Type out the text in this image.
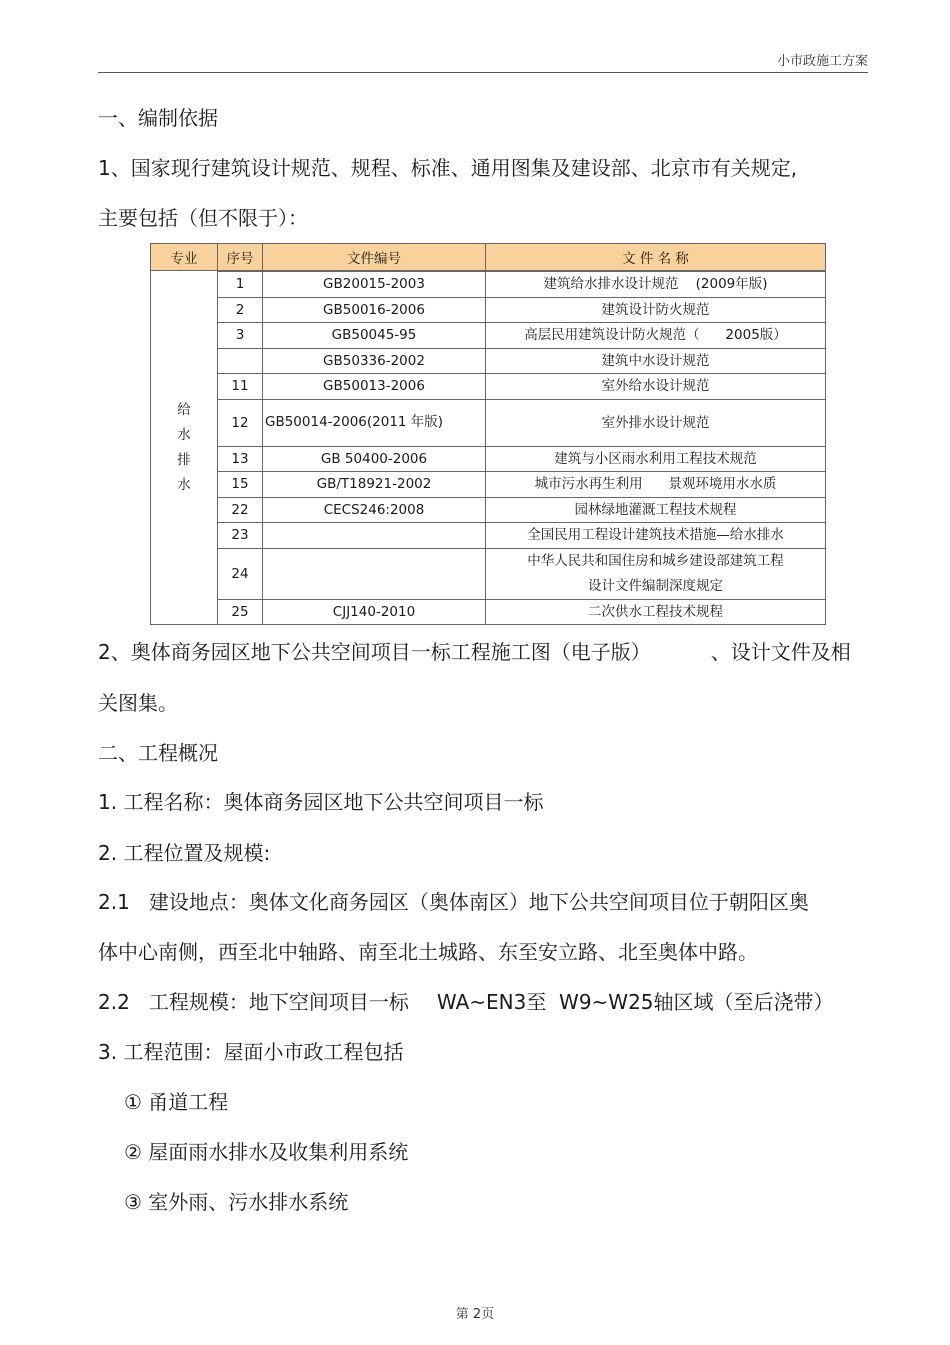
小市政施工方案
一、编制依据
1、国家现行建筑设计规范、规程、标准、通用图集及建设部、北京市有关规定,
主要包括（但不限于）：
专业	序号	文件编号	文 件 名 称

给
水
排
水			

	1	GB20015-2003	建筑给水排水设计规范    (2009年版)
	2	GB50016-2006	建筑设计防火规范
	3	GB50045-95	高层民用建筑设计防火规范（      2005版）
		GB50336-2002	建筑中水设计规范
	11	GB50013-2006	室外给水设计规范
	12	GB50014-2006(2011 年版)	室外排水设计规范
	13	GB 50400-2006	建筑与小区雨水利用工程技术规范
	15	GB/T18921-2002	城市污水再生利用      景观环境用水水质
	22	CECS246:2008	园林绿地灌溉工程技术规程
	23		全国民用工程设计建筑技术措施—给水排水
	24		中华人民共和国住房和城乡建设部建筑工程设计文件编制深度规定
	25	CJJ140-2010	二次供水工程技术规程
2、奥体商务园区地下公共空间项目一标工程施工图（电子版）	、设计文件及相
关图集。
二、工程概况
1. 工程名称：奥体商务园区地下公共空间项目一标
2. 工程位置及规模:
2.1   建设地点：奥体文化商务园区（奥体南区）地下公共空间项目位于朝阳区奥
体中心南侧，西至北中轴路、南至北土城路、东至安立路、北至奥体中路。
2.2   工程规模：地下空间项目一标 WA~EN3至  W9~W25轴区域（至后浇带）
3. 工程范围：屋面小市政工程包括
① 甬道工程
② 屋面雨水排水及收集利用系统
③ 室外雨、污水排水系统
第 2页
